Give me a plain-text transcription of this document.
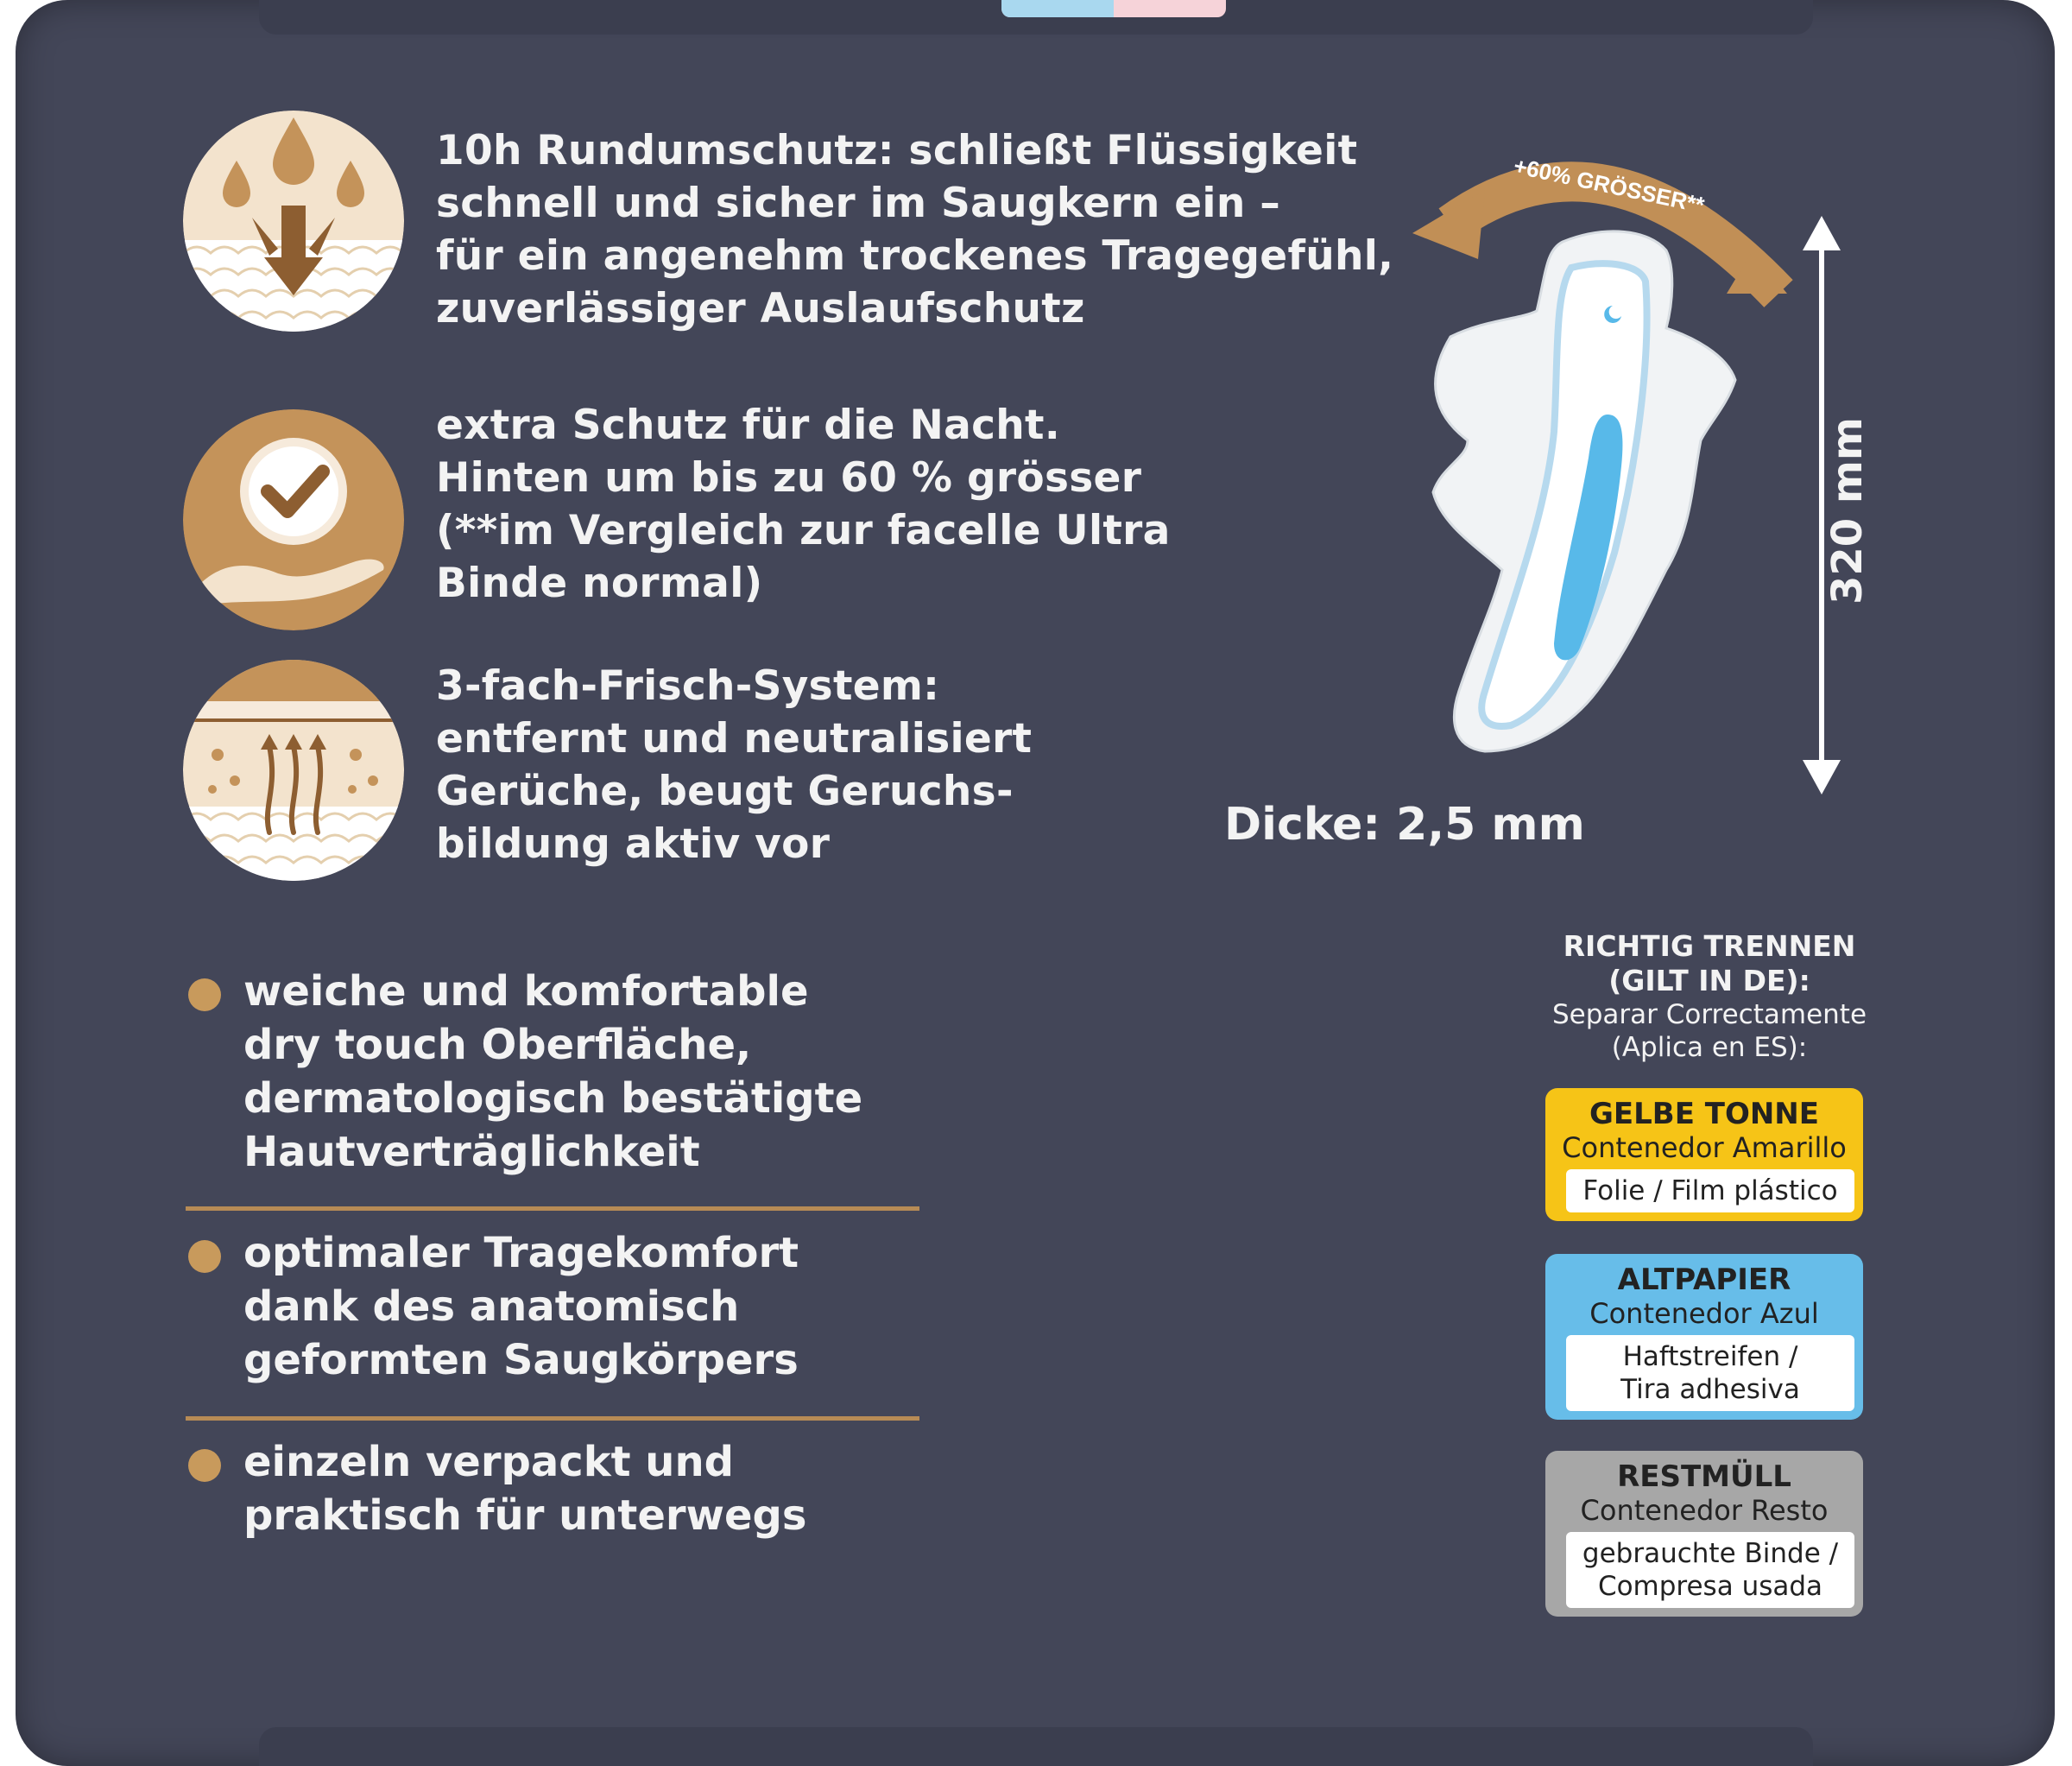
10h Rundumschutz: schließt Flüssigkeit
schnell und sicher im Saugkern ein –
für ein angenehm trockenes Tragegefühl,
zuverlässiger Auslaufschutz
extra Schutz für die Nacht.
Hinten um bis zu 60 % grösser
(**im Vergleich zur facelle Ultra
Binde normal)
3-fach-Frisch-System:
entfernt und neutralisiert
Gerüche, beugt Geruchs-
bildung aktiv vor
weiche und komfortable
dry touch Oberfläche,
dermatologisch bestätigte
Hautverträglichkeit
optimaler Tragekomfort
dank des anatomisch
geformten Saugkörpers
einzeln verpackt und
praktisch für unterwegs
+60% GRÖSSER**
320 mm
Dicke: 2,5 mm
RICHTIG TRENNEN
(GILT IN DE):
Separar Correctamente
(Aplica en ES):
GELBE TONNE
Contenedor Amarillo
Folie / Film plástico
ALTPAPIER
Contenedor Azul
Haftstreifen /
Tira adhesiva
RESTMÜLL
Contenedor Resto
gebrauchte Binde /
Compresa usada
